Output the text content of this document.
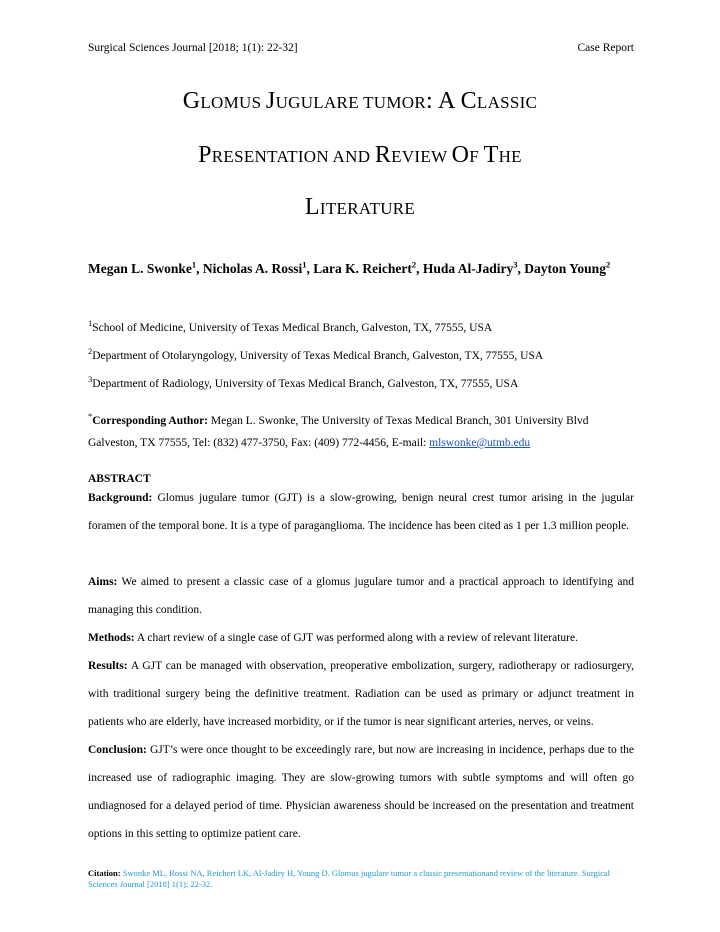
Surgical Sciences Journal [2018; 1(1): 22-32]	Case Report
GLOMUS JUGULARE TUMOR: A CLASSIC
PRESENTATION AND REVIEW OF THE
LITERATURE
Megan L. Swonke$^1$, Nicholas A. Rossi$^1$, Lara K. Reichert$^2$, Huda Al-Jadiry$^3$, Dayton Young$^2$
$^1$School of Medicine, University of Texas Medical Branch, Galveston, TX, 77555, USA
$^2$Department of Otolaryngology, University of Texas Medical Branch, Galveston, TX, 77555, USA
$^3$Department of Radiology, University of Texas Medical Branch, Galveston, TX, 77555, USA
*Corresponding Author: Megan L. Swonke, The University of Texas Medical Branch, 301 University Blvd Galveston, TX 77555, Tel: (832) 477-3750, Fax: (409) 772-4456, E-mail: mlswonke@utmb.edu
ABSTRACT
Background: Glomus jugulare tumor (GJT) is a slow-growing, benign neural crest tumor arising in the jugular foramen of the temporal bone. It is a type of paraganglioma. The incidence has been cited as 1 per 1.3 million people.
Aims: We aimed to present a classic case of a glomus jugulare tumor and a practical approach to identifying and managing this condition.
Methods: A chart review of a single case of GJT was performed along with a review of relevant literature.
Results: A GJT can be managed with observation, preoperative embolization, surgery, radiotherapy or radiosurgery, with traditional surgery being the definitive treatment. Radiation can be used as primary or adjunct treatment in patients who are elderly, have increased morbidity, or if the tumor is near significant arteries, nerves, or veins.
Conclusion: GJT’s were once thought to be exceedingly rare, but now are increasing in incidence, perhaps due to the increased use of radiographic imaging. They are slow-growing tumors with subtle symptoms and will often go undiagnosed for a delayed period of time. Physician awareness should be increased on the presentation and treatment options in this setting to optimize patient care.
Citation: Swonke ML, Rossi NA, Reichert LK, Al-Jadiry H, Young D. Glomus jugulare tumor a classic presentationand review of the literature. Surgical Sciences Journal [2018] 1(1): 22-32.
